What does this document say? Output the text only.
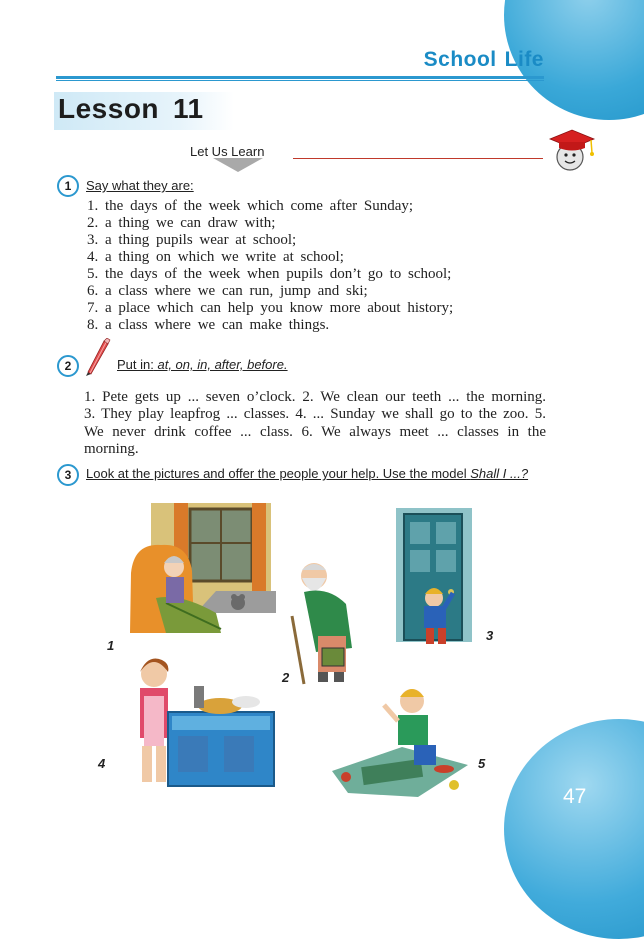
School Life
Lesson 11
Let Us Learn
1	Say what they are:
1. the days of the week which come after Sunday;
2. a thing we can draw with;
3. a thing pupils wear at school;
4. a thing on which we write at school;
5. the days of the week when pupils don’t go to school;
6. a class where we can run, jump and ski;
7. a place which can help you know more about history;
8. a class where we can make things.
2	Put in: at, on, in, after, before.

1. Pete gets up ... seven o’clock. 2. We clean our teeth ... the morning. 3. They play leapfrog ... classes. 4. ... Sunday we shall go to the zoo. 5. We never drink coffee ... class. 6. We always meet ... classes in the morning.

3	Look at the pictures and offer the people your help. Use the model Shall I ...?
1
2
3
4	5
47
